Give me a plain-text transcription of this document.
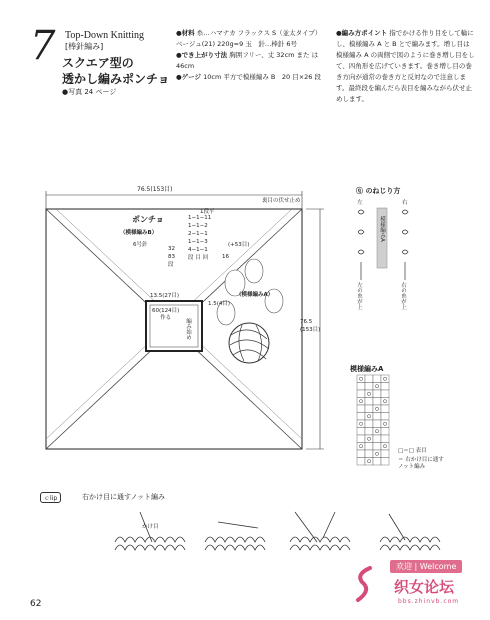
7 Top-Down Knitting
[棒針編み]
スクエア型の
透かし編みポンチョ
●写真 24 ページ
●材料 糸…ハマナカ フラックス S（並太タイプ）ベージュ(21) 220g=9 玉　針…棒針 6号
●でき上がり寸法 胸囲フリー、丈 32cm また は 46cm
●ゲージ 10cm 平方で模様編み B　20 目×26 段
●編み方ポイント 指でかける作り目をして輪にし、模様編み A と B とで編みます。増し目は模様編み A の両側で図のように巻き増し目をして、四角形を広げていきます。巻き増し目の巻き方向が通常の巻き方と反対なので注意します。最終段を編んだら表目を編みながら伏せ止めします。
76.5(153目)
裏目の伏せ止め
ポンチョ
（模様編みB）
6号針
32
83
段
1段平
1−1−11
1−1−2
2−1−1
1−1−3
4−1−1
段 目 回
(+53目)
16
13.5(27目)
1.5(4目)
（模様編みA）
60(124目)
作る	編み始め	76.5
(153目)
ⓠ のねじり方
左	右
模様編みA
左の糸が上	右の糸が上
模様編みA
□＝□ 表目
＝ 右かけ目に通す
ノット編み
ｃlip	右かけ目に通すノット編み
かけ目
62
欢迎 | Welcome
织女论坛
bbs.zhinvb.com
